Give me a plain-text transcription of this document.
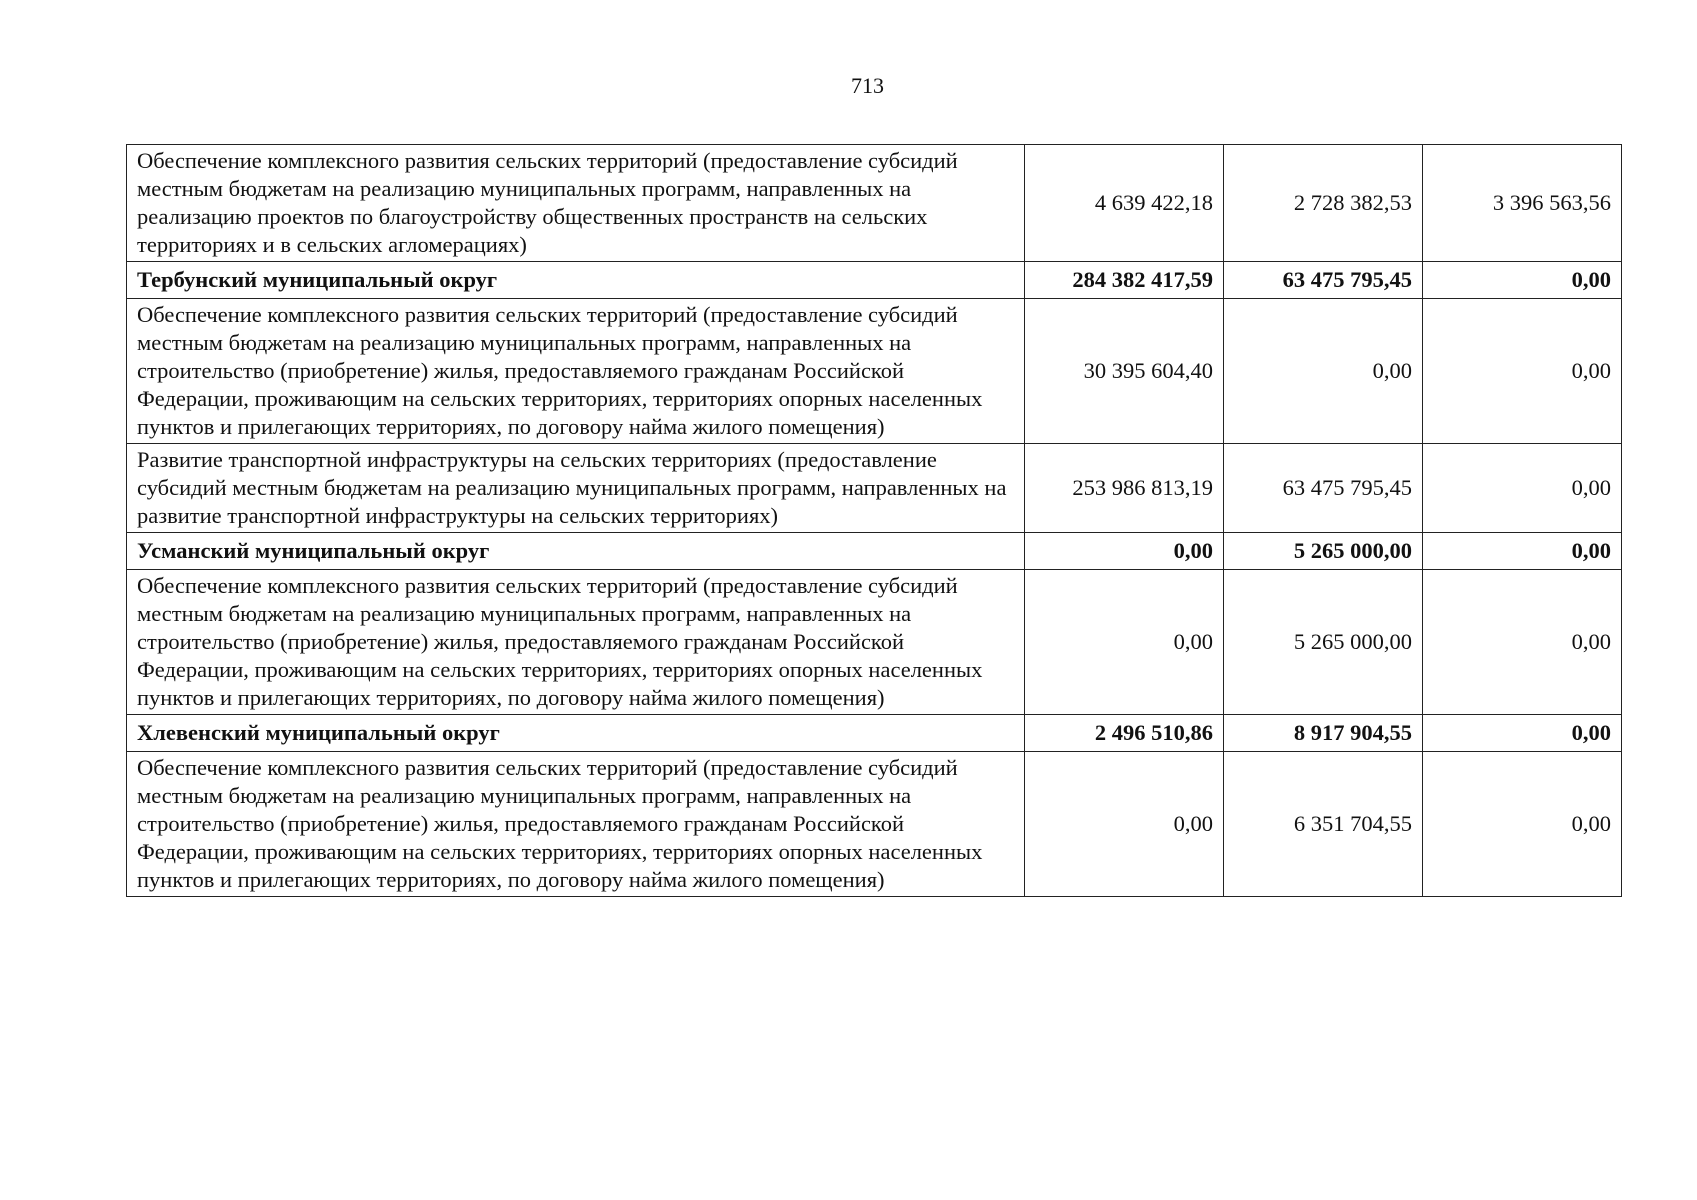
713
Обеспечение комплексного развития сельских территорий (предоставление субсидий местным бюджетам на реализацию муниципальных программ, направленных на реализацию проектов по благоустройству общественных пространств на сельских территориях и в сельских агломерациях)	4 639 422,18	2 728 382,53	3 396 563,56
Тербунский муниципальный округ	284 382 417,59	63 475 795,45	0,00
Обеспечение комплексного развития сельских территорий (предоставление субсидий местным бюджетам на реализацию муниципальных программ, направленных на строительство (приобретение) жилья, предоставляемого гражданам Российской Федерации, проживающим на сельских территориях, территориях опорных населенных пунктов и прилегающих территориях, по договору найма жилого помещения)	30 395 604,40	0,00	0,00
Развитие транспортной инфраструктуры на сельских территориях (предоставление субсидий местным бюджетам на реализацию муниципальных программ, направленных на развитие транспортной инфраструктуры на сельских территориях)	253 986 813,19	63 475 795,45	0,00
Усманский муниципальный округ	0,00	5 265 000,00	0,00
Обеспечение комплексного развития сельских территорий (предоставление субсидий местным бюджетам на реализацию муниципальных программ, направленных на строительство (приобретение) жилья, предоставляемого гражданам Российской Федерации, проживающим на сельских территориях, территориях опорных населенных пунктов и прилегающих территориях, по договору найма жилого помещения)	0,00	5 265 000,00	0,00
Хлевенский муниципальный округ	2 496 510,86	8 917 904,55	0,00
Обеспечение комплексного развития сельских территорий (предоставление субсидий местным бюджетам на реализацию муниципальных программ, направленных на строительство (приобретение) жилья, предоставляемого гражданам Российской Федерации, проживающим на сельских территориях, территориях опорных населенных пунктов и прилегающих территориях, по договору найма жилого помещения)	0,00	6 351 704,55	0,00
